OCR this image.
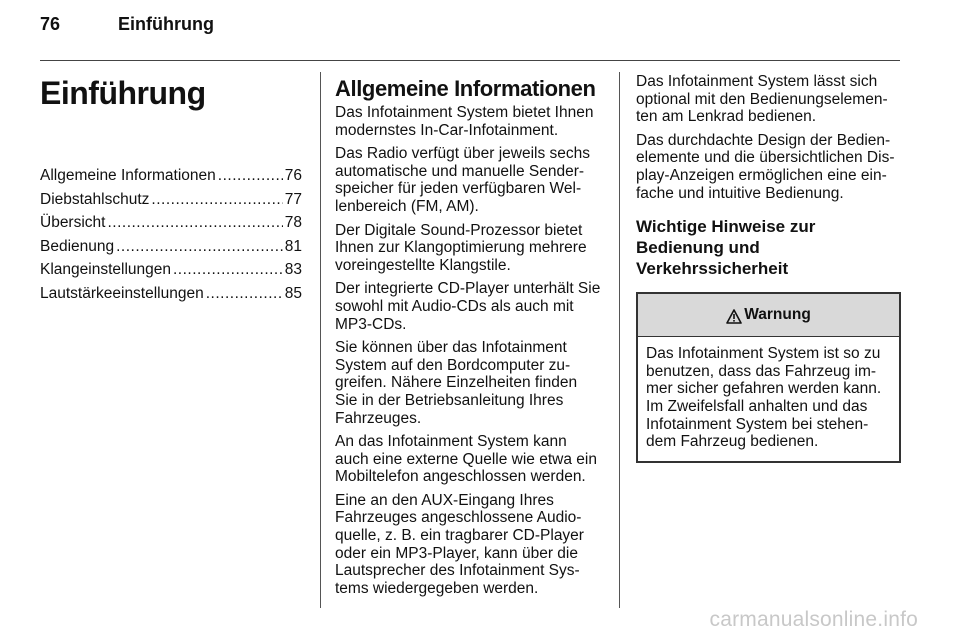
76	Einführung
Einführung
Allgemeine Informationen .....	76
Diebstahlschutz .....	77
Übersicht .....	78
Bedienung .....	81
Klangeinstellungen .....	83
Lautstärkeeinstellungen .....	85
Allgemeine Informationen

Das Infotainment System bietet Ihnen modernstes In-Car-Infotainment.

Das Radio verfügt über jeweils sechs automatische und manuelle Senderspeicher für jeden verfügbaren Wellenbereich (FM, AM).

Der Digitale Sound-Prozessor bietet Ihnen zur Klangoptimierung mehrere voreingestellte Klangstile.

Der integrierte CD-Player unterhält Sie sowohl mit Audio-CDs als auch mit MP3-CDs.

Sie können über das Infotainment System auf den Bordcomputer zugreifen. Nähere Einzelheiten finden Sie in der Betriebsanleitung Ihres Fahrzeuges.

An das Infotainment System kann auch eine externe Quelle wie etwa ein Mobiltelefon angeschlossen werden.

Eine an den AUX-Eingang Ihres Fahrzeuges angeschlossene Audioquelle, z. B. ein tragbarer CD-Player oder ein MP3-Player, kann über die Lautsprecher des Infotainment Systems wiedergegeben werden.

Das Infotainment System lässt sich optional mit den Bedienungselementen am Lenkrad bedienen.

Das durchdachte Design der Bedienelemente und die übersichtlichen Display-Anzeigen ermöglichen eine einfache und intuitive Bedienung.

Wichtige Hinweise zur Bedienung und Verkehrssicherheit
Warnung
Das Infotainment System ist so zu benutzen, dass das Fahrzeug immer sicher gefahren werden kann. Im Zweifelsfall anhalten und das Infotainment System bei stehendem Fahrzeug bedienen.
carmanualsonline.info
